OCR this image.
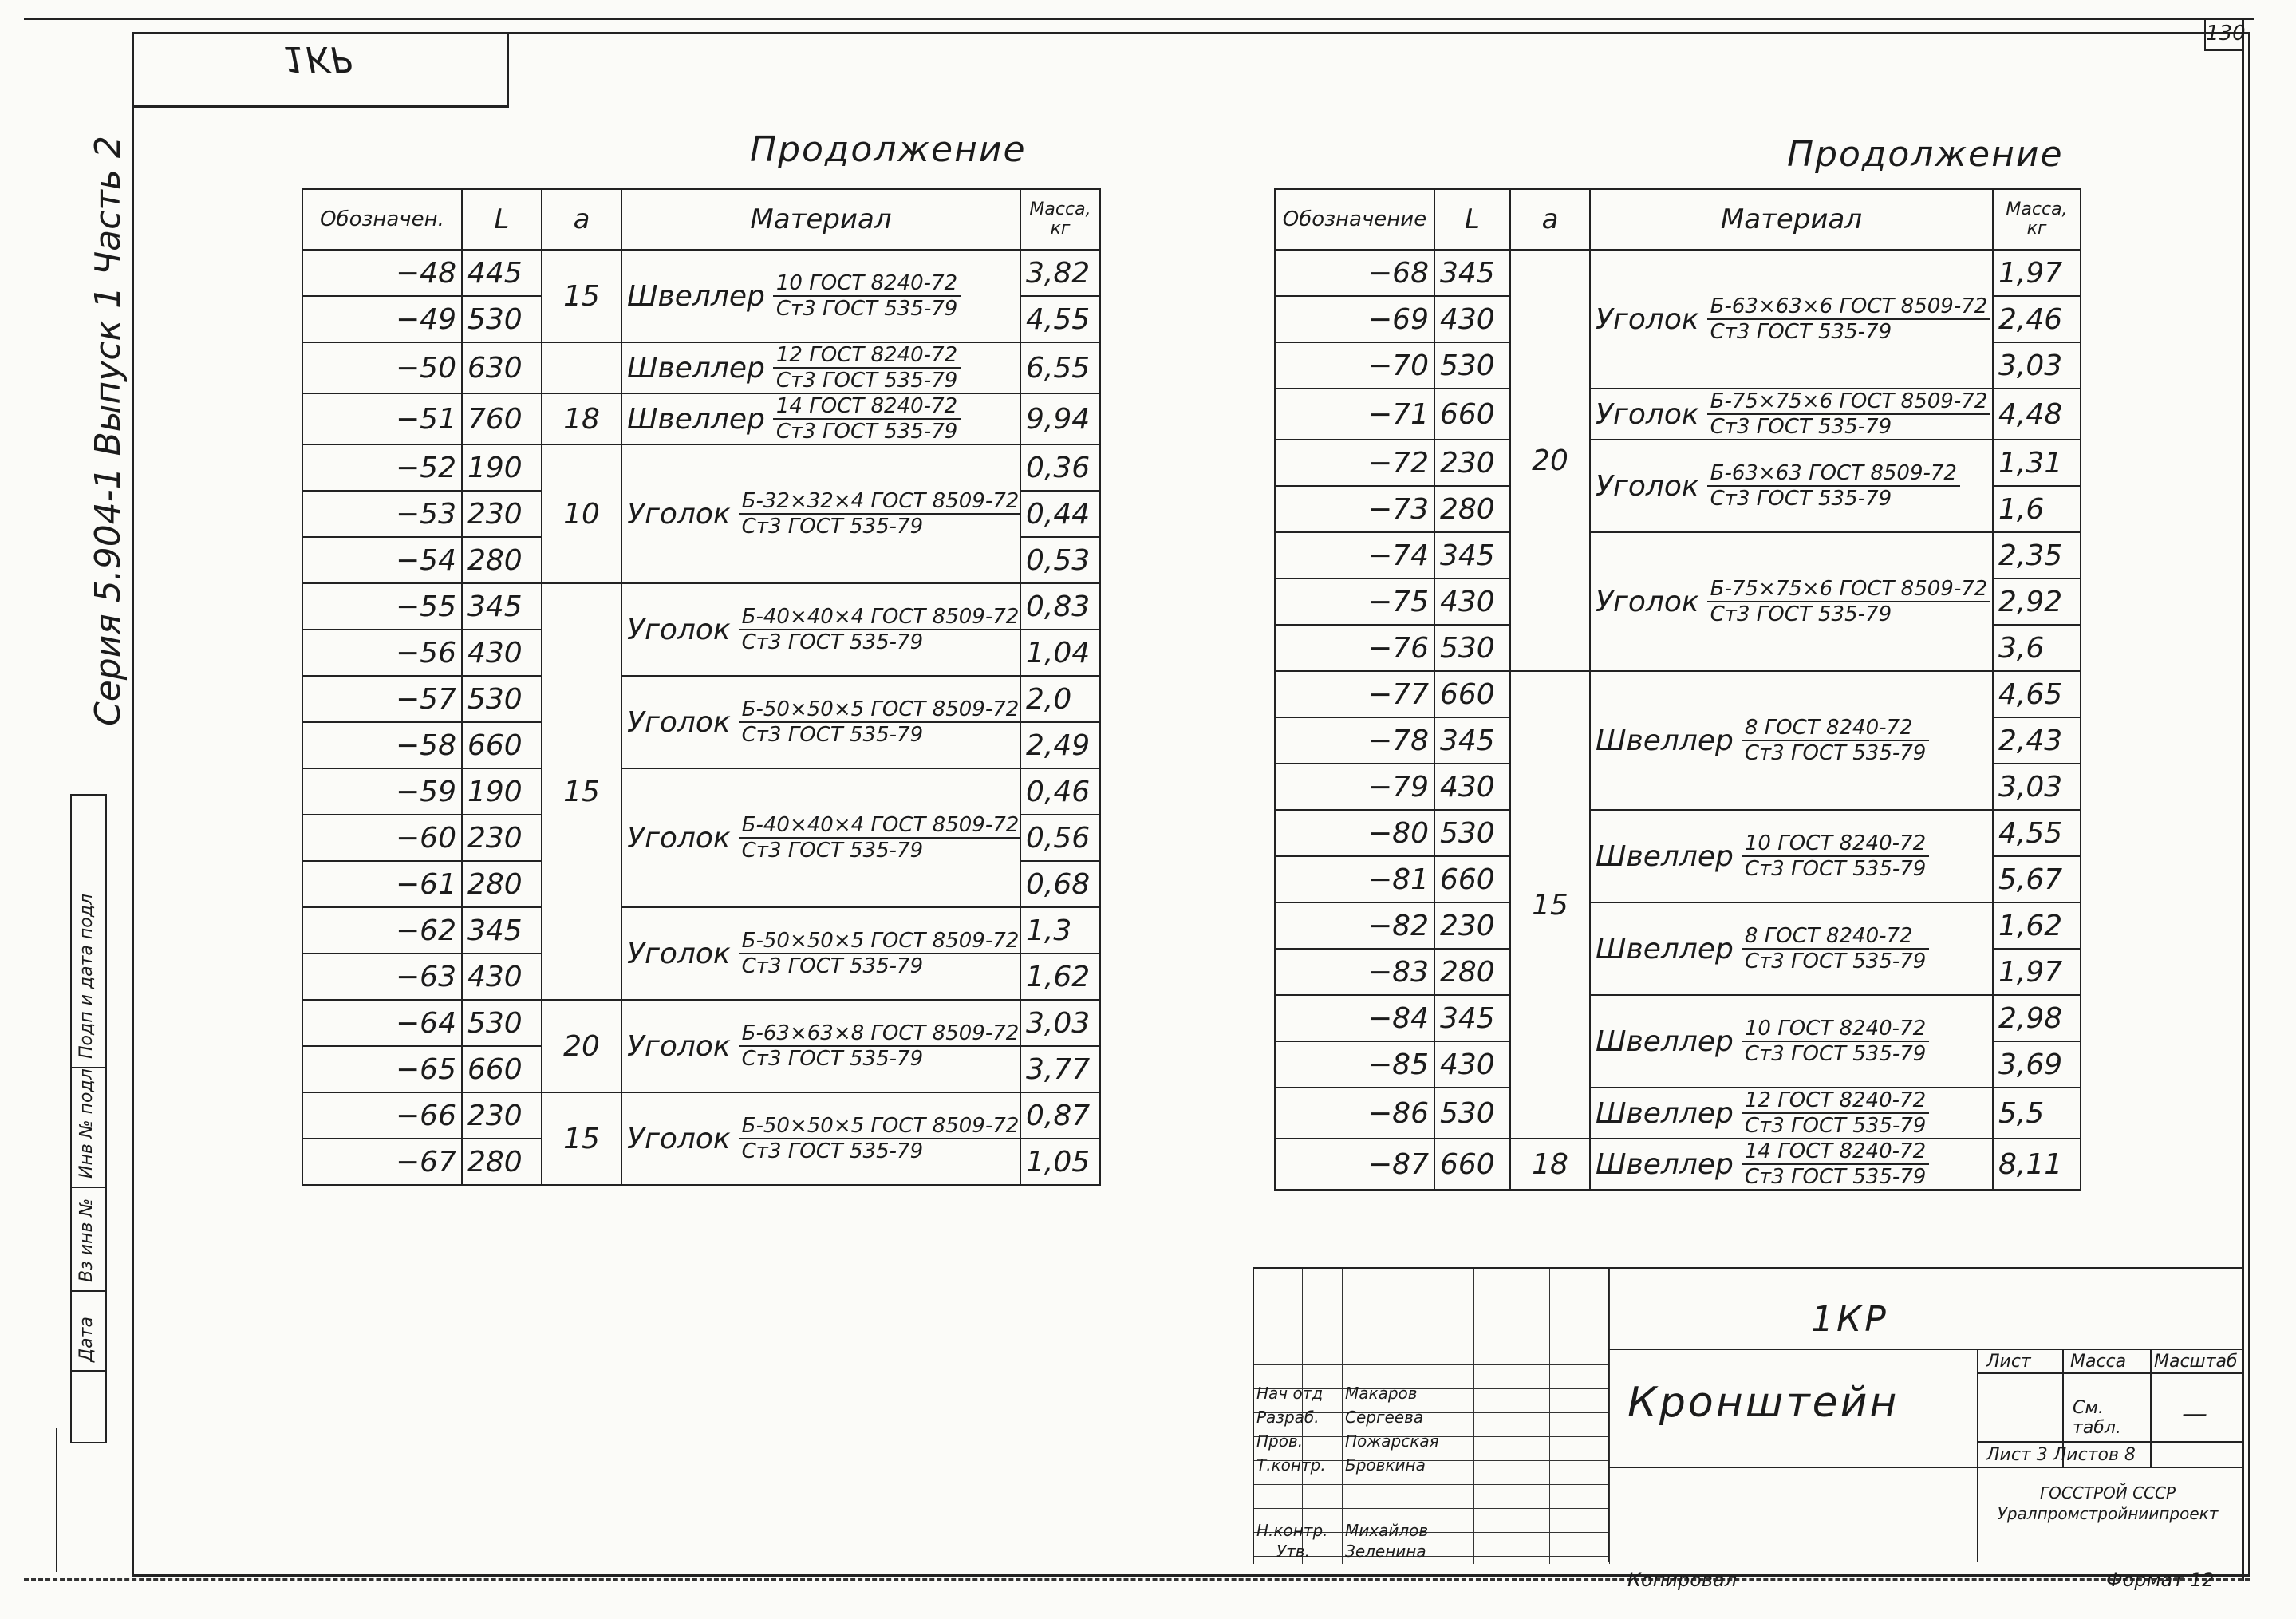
1КР
130
Серия 5.904-1 Выпуск 1 Часть 2
Подп и дата подл
Инв № подл
Вз инв №
Дата
Продолжение	Продолжение
Обозначен.	L	а	Материал	Масса, кг
−48	445	15	Швеллер $\frac{\text{10 ГОСТ 8240-72}}{\text{Ст3 ГОСТ 535-79}}$	3,82
−49	530			4,55
−50	630		Швеллер $\frac{\text{12 ГОСТ 8240-72}}{\text{Ст3 ГОСТ 535-79}}$	6,55
−51	760	18	Швеллер $\frac{\text{14 ГОСТ 8240-72}}{\text{Ст3 ГОСТ 535-79}}$	9,94
−52	190	10	Уголок $\frac{\text{Б-32×32×4 ГОСТ 8509-72}}{\text{Ст3 ГОСТ 535-79}}$	0,36
−53	230			0,44
−54	280			0,53
−55	345	15	Уголок $\frac{\text{Б-40×40×4 ГОСТ 8509-72}}{\text{Ст3 ГОСТ 535-79}}$	0,83
−56	430			1,04
−57	530		Уголок $\frac{\text{Б-50×50×5 ГОСТ 8509-72}}{\text{Ст3 ГОСТ 535-79}}$	2,0
−58	660			2,49
−59	190		Уголок $\frac{\text{Б-40×40×4 ГОСТ 8509-72}}{\text{Ст3 ГОСТ 535-79}}$	0,46
−60	230			0,56
−61	280			0,68
−62	345		Уголок $\frac{\text{Б-50×50×5 ГОСТ 8509-72}}{\text{Ст3 ГОСТ 535-79}}$	1,3
−63	430			1,62
−64	530	20	Уголок $\frac{\text{Б-63×63×8 ГОСТ 8509-72}}{\text{Ст3 ГОСТ 535-79}}$	3,03
−65	660			3,77
−66	230	15	Уголок $\frac{\text{Б-50×50×5 ГОСТ 8509-72}}{\text{Ст3 ГОСТ 535-79}}$	0,87
−67	280			1,05
Обозначение	L	а	Материал	Масса, кг
−68	345	20	Уголок $\frac{\text{Б-63×63×6 ГОСТ 8509-72}}{\text{Ст3 ГОСТ 535-79}}$	1,97
−69	430			2,46
−70	530			3,03
−71	660		Уголок $\frac{\text{Б-75×75×6 ГОСТ 8509-72}}{\text{Ст3 ГОСТ 535-79}}$	4,48
−72	230		Уголок $\frac{\text{Б-63×63 ГОСТ 8509-72}}{\text{Ст3 ГОСТ 535-79}}$	1,31
−73	280			1,6
−74	345		Уголок $\frac{\text{Б-75×75×6 ГОСТ 8509-72}}{\text{Ст3 ГОСТ 535-79}}$	2,35
−75	430			2,92
−76	530			3,6
−77	660	15	Швеллер $\frac{\text{8 ГОСТ 8240-72}}{\text{Ст3 ГОСТ 535-79}}$	4,65
−78	345			2,43
−79	430			3,03
−80	530		Швеллер $\frac{\text{10 ГОСТ 8240-72}}{\text{Ст3 ГОСТ 535-79}}$	4,55
−81	660			5,67
−82	230		Швеллер $\frac{\text{8 ГОСТ 8240-72}}{\text{Ст3 ГОСТ 535-79}}$	1,62
−83	280			1,97
−84	345		Швеллер $\frac{\text{10 ГОСТ 8240-72}}{\text{Ст3 ГОСТ 535-79}}$	2,98
−85	430			3,69
−86	530		Швеллер $\frac{\text{12 ГОСТ 8240-72}}{\text{Ст3 ГОСТ 535-79}}$	5,5
−87	660	18	Швеллер $\frac{\text{14 ГОСТ 8240-72}}{\text{Ст3 ГОСТ 535-79}}$	8,11
Нач отд
Разраб.
Пров.
Т.контр.
Н.контр.
Утв.
Макаров
Сергеева
Пожарская
Бровкина
Михайлов
Зеленина
1КР
Кронштейн
Лист Масса Масштаб
См. табл.	—
Лист 3 Листов 8
ГОССТРОЙ СССР Уралпромстройниипроект
Копировал	Формат 12
